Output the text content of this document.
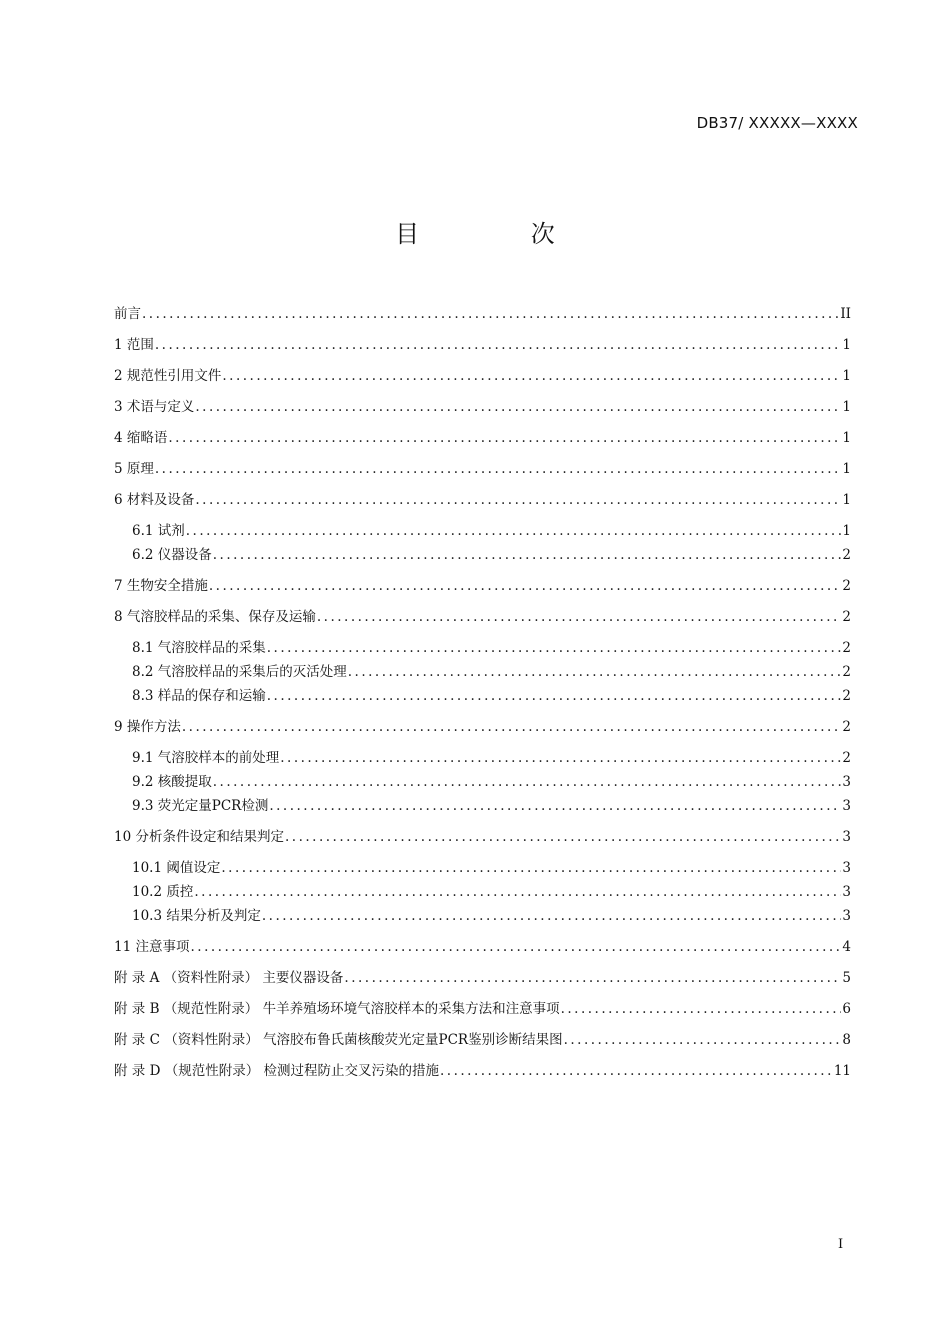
DB37/ XXXXX—XXXX
目 次
前言 .....	II
1 范围 .....	1
2 规范性引用文件 .....	1
3 术语与定义 .....	1
4 缩略语 .....	1
5 原理 .....	1
6 材料及设备 .....	1
6.1 试剂 .....	1
6.2 仪器设备 .....	2
7 生物安全措施 .....	2
8 气溶胶样品的采集、保存及运输 .....	2
8.1 气溶胶样品的采集 .....	2
8.2 气溶胶样品的采集后的灭活处理 .....	2
8.3 样品的保存和运输 .....	2
9 操作方法 .....	2
9.1 气溶胶样本的前处理 .....	2
9.2 核酸提取 .....	3
9.3 荧光定量PCR检测 .....	3
10 分析条件设定和结果判定 .....	3
10.1 阈值设定 .....	3
10.2 质控 .....	3
10.3 结果分析及判定 .....	3
11 注意事项 .....	4
附 录 A （资料性附录） 主要仪器设备 .....	5
附 录 B （规范性附录） 牛羊养殖场环境气溶胶样本的采集方法和注意事项 .....	6
附 录 C （资料性附录） 气溶胶布鲁氏菌核酸荧光定量PCR鉴别诊断结果图 .....	8
附 录 D （规范性附录） 检测过程防止交叉污染的措施 .....	11
I
